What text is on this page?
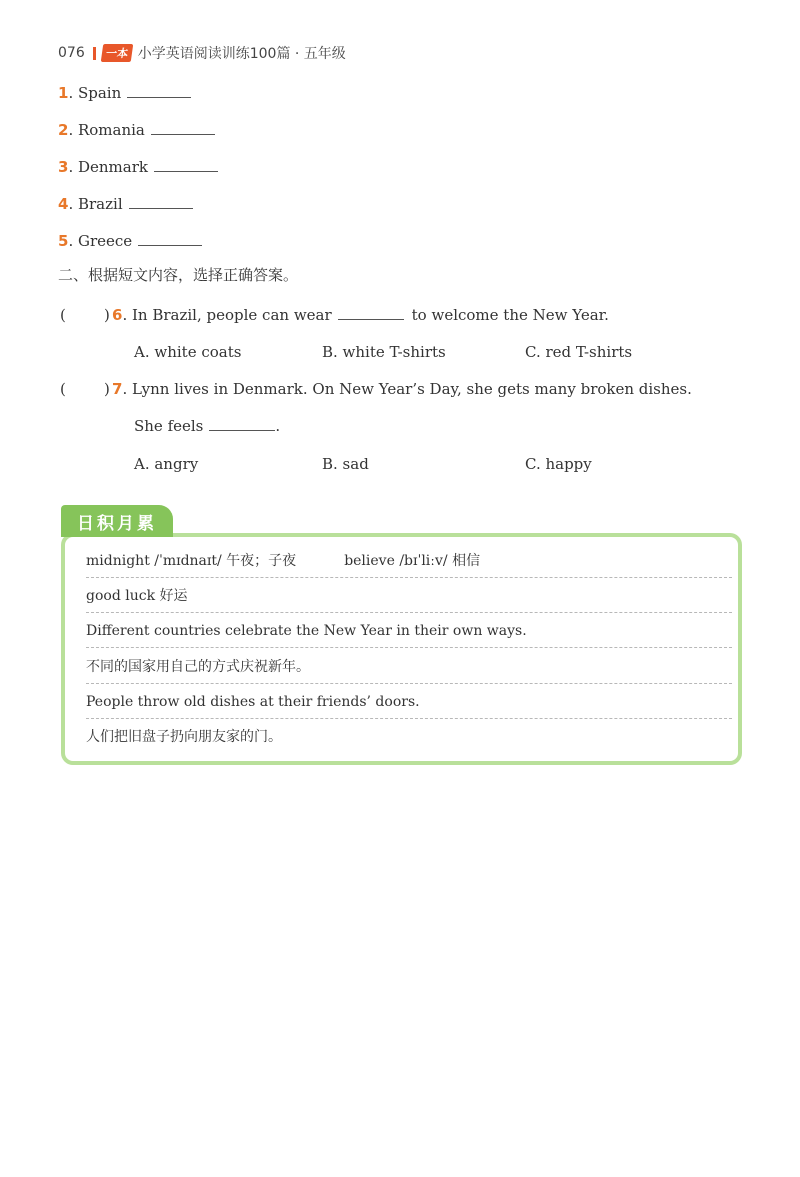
076	一本 小学英语阅读训练100篇 · 五年级
1. Spain
2. Romania
3. Denmark
4. Brazil
5. Greece
二、根据短文内容，选择正确答案。
(	) 6. In Brazil, people can wear	to welcome the New Year.
A. white coats	B. white T-shirts	C. red T-shirts
(	) 7. Lynn lives in Denmark. On New Year’s Day, she gets many broken dishes.
She feels	.
A. angry	B. sad	C. happy
日积月累
midnight /ˈmɪdnaɪt/ 午夜；子夜	believe /bɪˈliːv/ 相信
good luck 好运
Different countries celebrate the New Year in their own ways.
不同的国家用自己的方式庆祝新年。
People throw old dishes at their friends’ doors.
人们把旧盘子扔向朋友家的门。
